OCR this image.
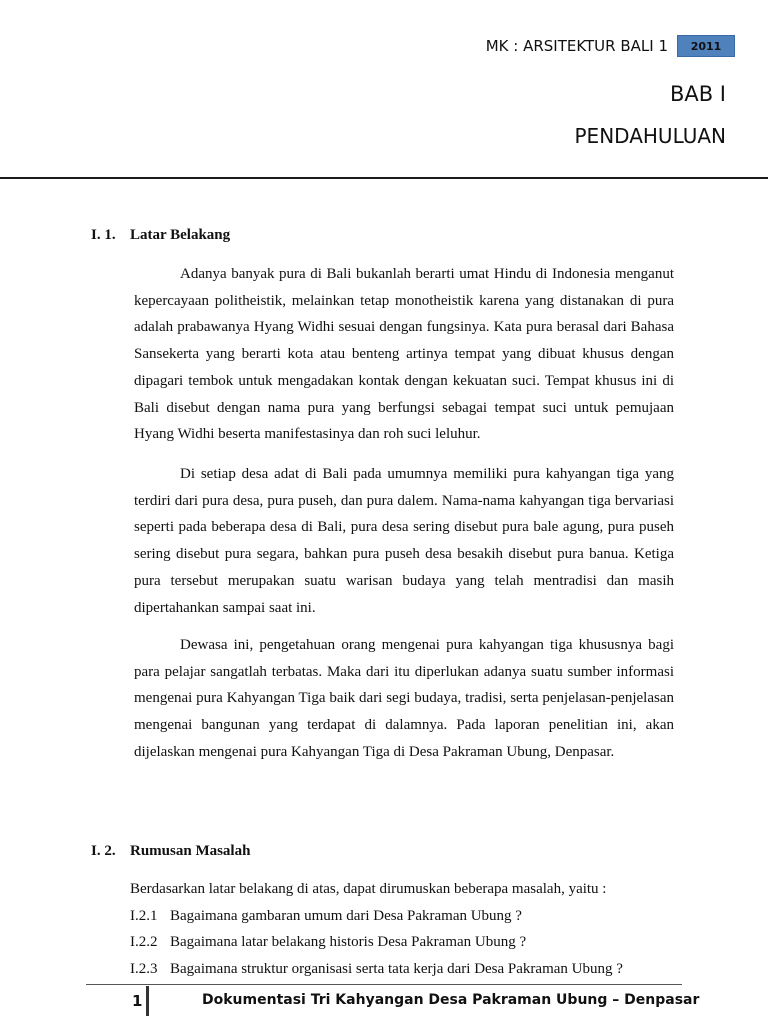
MK : ARSITEKTUR BALI 1	2011
BAB I
PENDAHULUAN
I. 1. Latar Belakang

Adanya banyak pura di Bali bukanlah berarti umat Hindu di Indonesia menganut kepercayaan politheistik, melainkan tetap monotheistik karena yang distanakan di pura adalah prabawanya Hyang Widhi sesuai dengan fungsinya. Kata pura berasal dari Bahasa Sansekerta yang berarti kota atau benteng artinya tempat yang dibuat khusus dengan dipagari tembok untuk mengadakan kontak dengan kekuatan suci. Tempat khusus ini di Bali disebut dengan nama pura yang berfungsi sebagai tempat suci untuk pemujaan Hyang Widhi beserta manifestasinya dan roh suci leluhur.

Di setiap desa adat di Bali pada umumnya memiliki pura kahyangan tiga yang terdiri dari pura desa, pura puseh, dan pura dalem. Nama-nama kahyangan tiga bervariasi seperti pada beberapa desa di Bali, pura desa sering disebut pura bale agung, pura puseh sering disebut pura segara, bahkan pura puseh desa besakih disebut pura banua. Ketiga pura tersebut merupakan suatu warisan budaya yang telah mentradisi dan masih dipertahankan sampai saat ini.

Dewasa ini, pengetahuan orang mengenai pura kahyangan tiga khususnya bagi para pelajar sangatlah terbatas. Maka dari itu diperlukan adanya suatu sumber informasi mengenai pura Kahyangan Tiga baik dari segi budaya, tradisi, serta penjelasan-penjelasan mengenai bangunan yang terdapat di dalamnya. Pada laporan penelitian ini, akan dijelaskan mengenai pura Kahyangan Tiga di Desa Pakraman Ubung, Denpasar.

I. 2. Rumusan Masalah
Berdasarkan latar belakang di atas, dapat dirumuskan beberapa masalah, yaitu :
I.2.1 Bagaimana gambaran umum dari Desa Pakraman Ubung ?
I.2.2 Bagaimana latar belakang historis Desa Pakraman Ubung ?
I.2.3 Bagaimana struktur organisasi serta tata kerja dari Desa Pakraman Ubung ?
1	Dokumentasi Tri Kahyangan Desa Pakraman Ubung – Denpasar
